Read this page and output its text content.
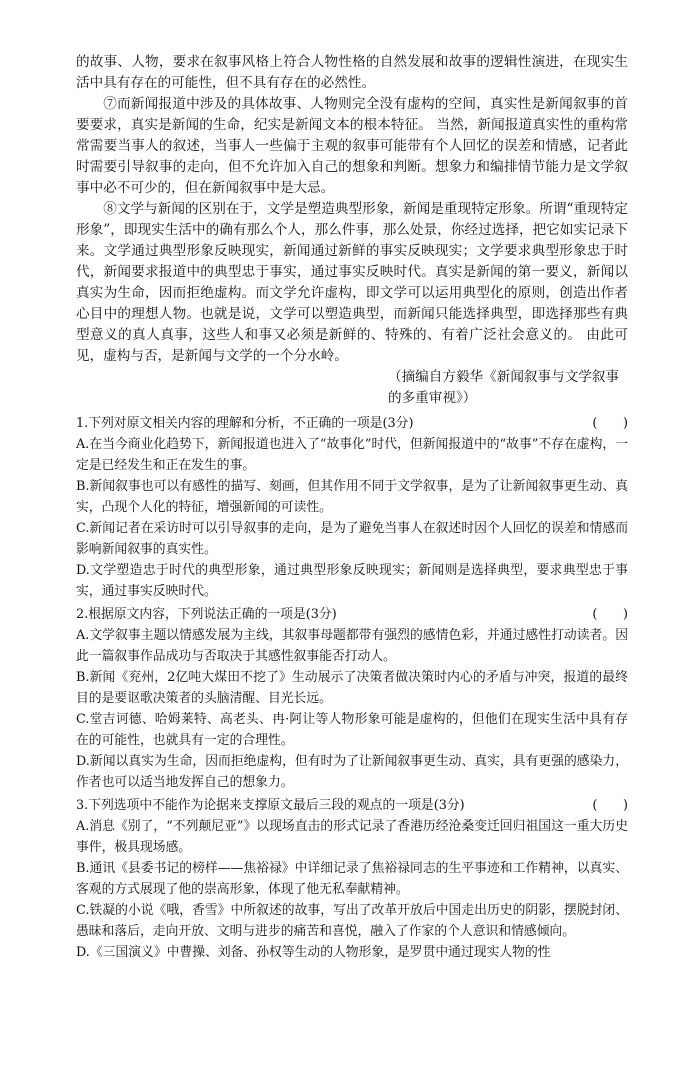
的故事、人物，要求在叙事风格上符合人物性格的自然发展和故事的逻辑性演进，在现实生活中具有存在的可能性，但不具有存在的必然性。

⑦而新闻报道中涉及的具体故事、人物则完全没有虚构的空间，真实性是新闻叙事的首要要求，真实是新闻的生命，纪实是新闻文本的根本特征。 当然，新闻报道真实性的重构常常需要当事人的叙述，当事人一些偏于主观的叙事可能带有个人回忆的误差和情感，记者此时需要引导叙事的走向，但不允许加入自己的想象和判断。想象力和编排情节能力是文学叙事中必不可少的，但在新闻叙事中是大忌。

⑧文学与新闻的区别在于，文学是塑造典型形象，新闻是重现特定形象。所谓“重现特定形象”，即现实生活中的确有那么个人，那么件事，那么处景，你经过选择，把它如实记录下来。文学通过典型形象反映现实，新闻通过新鲜的事实反映现实；文学要求典型形象忠于时代，新闻要求报道中的典型忠于事实，通过事实反映时代。真实是新闻的第一要义，新闻以真实为生命，因而拒绝虚构。而文学允许虚构，即文学可以运用典型化的原则，创造出作者心目中的理想人物。也就是说，文学可以塑造典型，而新闻只能选择典型，即选择那些有典型意义的真人真事，这些人和事又必须是新鲜的、特殊的、有着广泛社会意义的。 由此可见，虚构与否，是新闻与文学的一个分水岭。

（摘编自方毅华《新闻叙事与文学叙事的多重审视》）

1.下列对原文相关内容的理解和分析，不正确的一项是(3分)	(　　)

A.在当今商业化趋势下，新闻报道也进入了“故事化”时代，但新闻报道中的“故事”不存在虚构，一定是已经发生和正在发生的事。

B.新闻叙事也可以有感性的描写、刻画，但其作用不同于文学叙事，是为了让新闻叙事更生动、真实，凸现个人化的特征，增强新闻的可读性。

C.新闻记者在采访时可以引导叙事的走向，是为了避免当事人在叙述时因个人回忆的误差和情感而影响新闻叙事的真实性。

D.文学塑造忠于时代的典型形象，通过典型形象反映现实；新闻则是选择典型，要求典型忠于事实，通过事实反映时代。

2.根据原文内容，下列说法正确的一项是(3分)	(　　)

A.文学叙事主题以情感发展为主线，其叙事母题都带有强烈的感情色彩，并通过感性打动读者。因此一篇叙事作品成功与否取决于其感性叙事能否打动人。

B.新闻《兖州，2亿吨大煤田不挖了》生动展示了决策者做决策时内心的矛盾与冲突，报道的最终目的是要讴歌决策者的头脑清醒、目光长远。

C.堂吉诃德、哈姆莱特、高老头、冉·阿让等人物形象可能是虚构的，但他们在现实生活中具有存在的可能性，也就具有一定的合理性。

D.新闻以真实为生命，因而拒绝虚构，但有时为了让新闻叙事更生动、真实，具有更强的感染力，作者也可以适当地发挥自己的想象力。

3.下列选项中不能作为论据来支撑原文最后三段的观点的一项是(3分)	(　　)

A.消息《别了，“不列颠尼亚”》以现场直击的形式记录了香港历经沧桑变迁回归祖国这一重大历史事件，极具现场感。

B.通讯《县委书记的榜样——焦裕禄》中详细记录了焦裕禄同志的生平事迹和工作精神，以真实、客观的方式展现了他的崇高形象，体现了他无私奉献精神。

C.铁凝的小说《哦，香雪》中所叙述的故事，写出了改革开放后中国走出历史的阴影，摆脱封闭、愚昧和落后，走向开放、文明与进步的痛苦和喜悦，融入了作家的个人意识和情感倾向。

D.《三国演义》中曹操、刘备、孙权等生动的人物形象，是罗贯中通过现实人物的性
